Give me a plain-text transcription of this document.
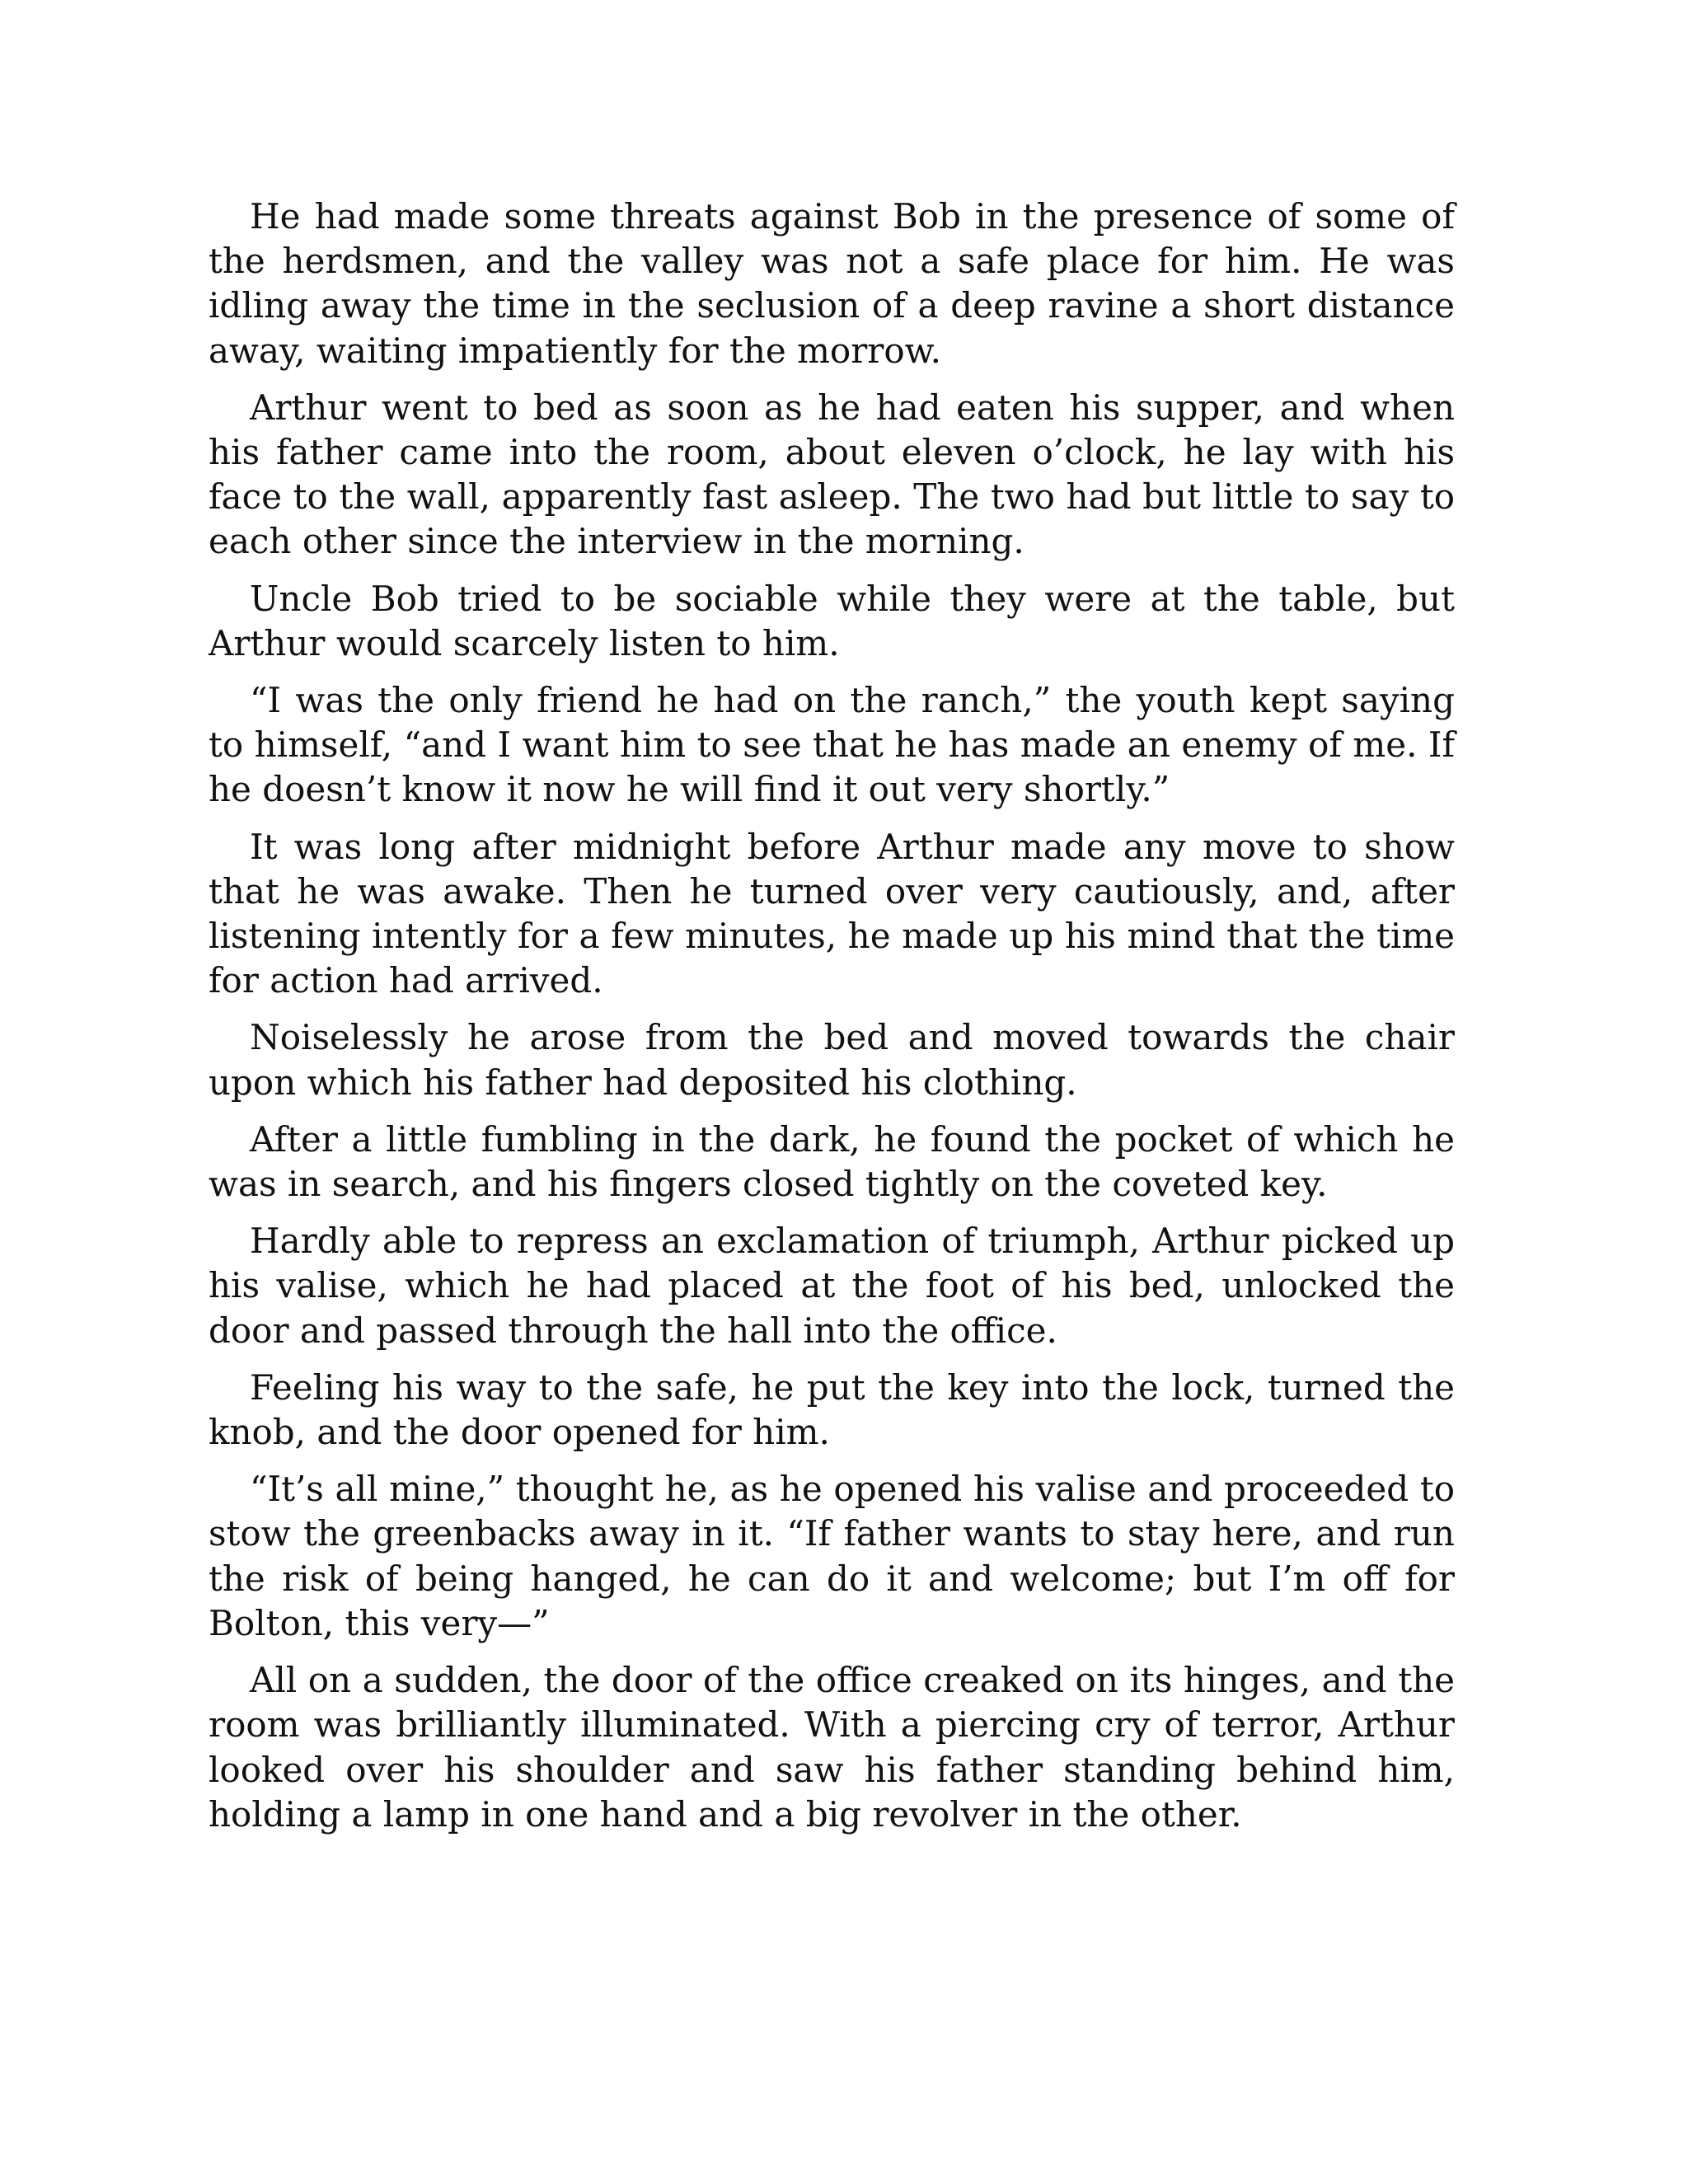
He had made some threats against Bob in the presence of some of the herdsmen, and the valley was not a safe place for him. He was idling away the time in the seclusion of a deep ravine a short distance away, waiting impatiently for the morrow.

Arthur went to bed as soon as he had eaten his supper, and when his father came into the room, about eleven o’clock, he lay with his face to the wall, apparently fast asleep. The two had but little to say to each other since the interview in the morning.

Uncle Bob tried to be sociable while they were at the table, but Arthur would scarcely listen to him.

“I was the only friend he had on the ranch,” the youth kept saying to himself, “and I want him to see that he has made an enemy of me. If he doesn’t know it now he will find it out very shortly.”

It was long after midnight before Arthur made any move to show that he was awake. Then he turned over very cautiously, and, after listening intently for a few minutes, he made up his mind that the time for action had arrived.

Noiselessly he arose from the bed and moved towards the chair upon which his father had deposited his clothing.

After a little fumbling in the dark, he found the pocket of which he was in search, and his fingers closed tightly on the coveted key.

Hardly able to repress an exclamation of triumph, Arthur picked up his valise, which he had placed at the foot of his bed, unlocked the door and passed through the hall into the office.

Feeling his way to the safe, he put the key into the lock, turned the knob, and the door opened for him.

“It’s all mine,” thought he, as he opened his valise and proceeded to stow the greenbacks away in it. “If father wants to stay here, and run the risk of being hanged, he can do it and welcome; but I’m off for Bolton, this very—”

All on a sudden, the door of the office creaked on its hinges, and the room was brilliantly illuminated. With a piercing cry of terror, Arthur looked over his shoulder and saw his father standing behind him, holding a lamp in one hand and a big revolver in the other.
